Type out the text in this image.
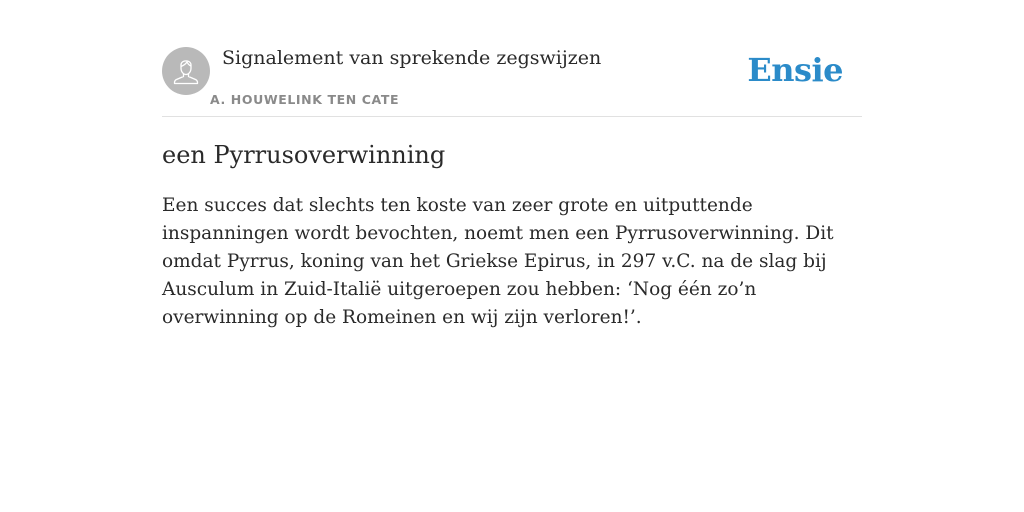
Signalement van sprekende zegswijzen
A. HOUWELINK TEN CATE
Ensie
een Pyrrusoverwinning

Een succes dat slechts ten koste van zeer grote en uitputtende inspanningen wordt bevochten, noemt men een Pyrrusoverwinning. Dit omdat Pyrrus, koning van het Griekse Epirus, in 297 v.C. na de slag bij Ausculum in Zuid-Italië uitgeroepen zou hebben: ‘Nog één zo’n overwinning op de Romeinen en wij zijn verloren!’.
